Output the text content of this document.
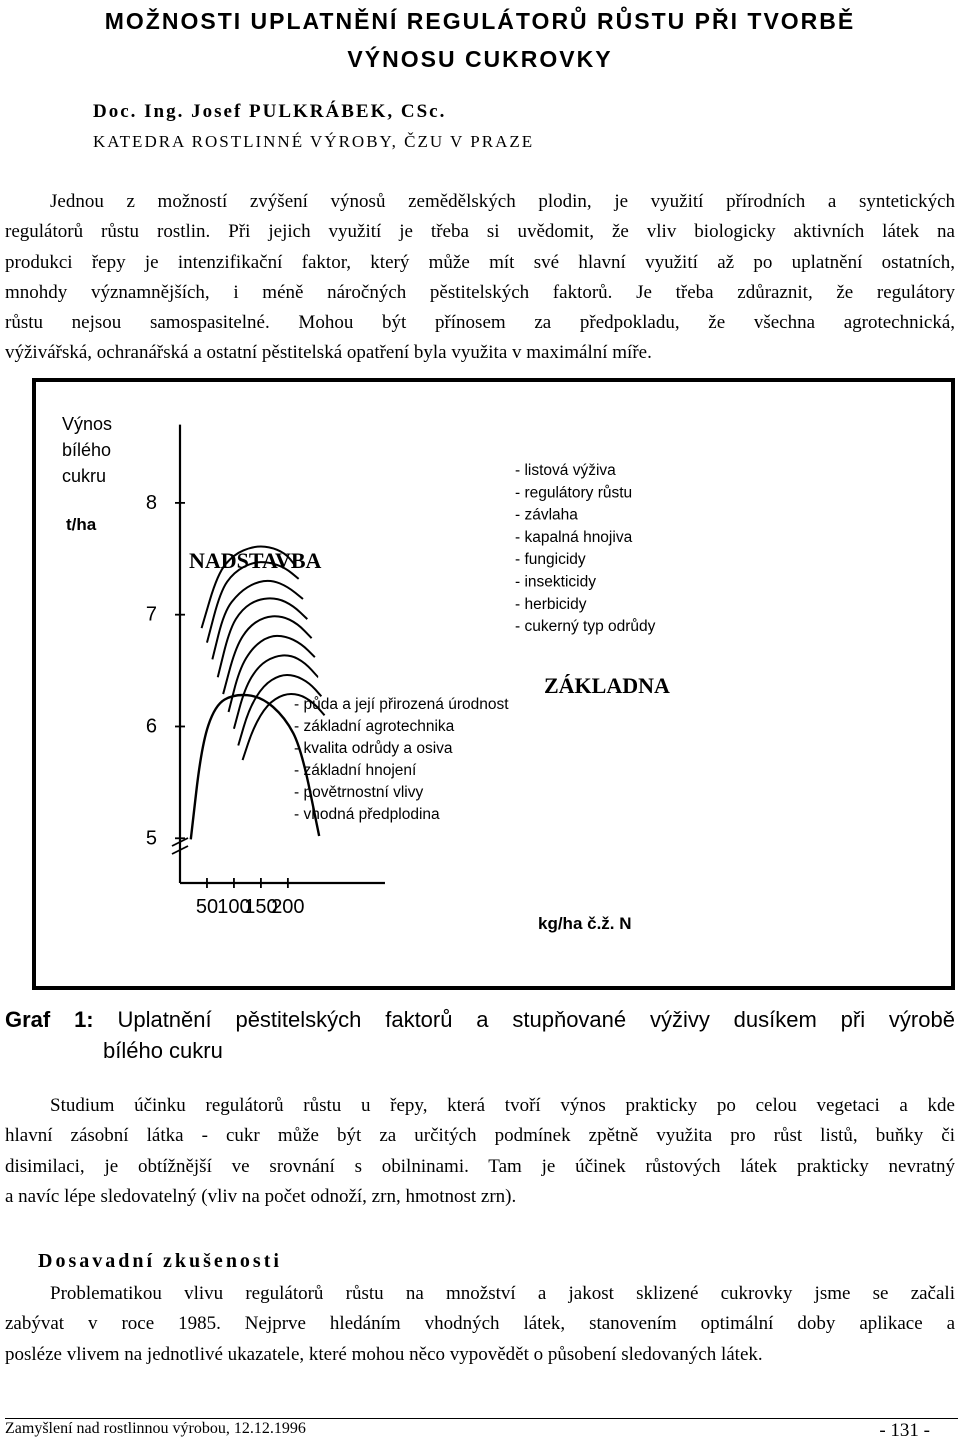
MOŽNOSTI UPLATNĚNÍ REGULÁTORŮ RŮSTU PŘI TVORBĚ
VÝNOSU CUKROVKY
Doc. Ing. Josef PULKRÁBEK, CSc.
KATEDRA ROSTLINNÉ VÝROBY, ČZU V PRAZE
Jednou z možností zvýšení výnosů zemědělských plodin, je využití přírodních a syntetických
regulátorů růstu rostlin. Při jejich využití je třeba si uvědomit, že vliv biologicky aktivních látek na
produkci řepy je intenzifikační faktor, který může mít své hlavní využití až po uplatnění ostatních,
mnohdy významnějších, i méně náročných pěstitelských faktorů. Je třeba zdůraznit, že regulátory
růstu nejsou samospasitelné. Mohou být přínosem za předpokladu, že všechna agrotechnická,
výživářská, ochranářská a ostatní pěstitelská opatření byla využita v maximální míře.
5
6
7
8
50 100
150
200
Výnos
bílého
cukru
t/ha
kg/ha č.ž. N
NADSTAVBA
ZÁKLADNA
- listová výživa
- regulátory růstu
- závlaha
- kapalná hnojiva
- fungicidy
- insekticidy
- herbicidy
- cukerný typ odrůdy
- půda a její přirozená úrodnost
- základní agrotechnika
- kvalita odrůdy a osiva
- základní hnojení
- povětrnostní vlivy
- vhodná předplodina
Graf 1: Uplatnění pěstitelských faktorů a stupňované výživy dusíkem při výrobě
bílého cukru
Studium účinku regulátorů růstu u řepy, která tvoří výnos prakticky po celou vegetaci a kde
hlavní zásobní látka - cukr může být za určitých podmínek zpětně využita pro růst listů, buňky či
disimilaci, je obtížnější ve srovnání s obilninami. Tam je účinek růstových látek prakticky nevratný
a navíc lépe sledovatelný (vliv na počet odnoží, zrn, hmotnost zrn).
Dosavadní zkušenosti
Problematikou vlivu regulátorů růstu na množství a jakost sklizené cukrovky jsme se začali
zabývat v roce 1985. Nejprve hledáním vhodných látek, stanovením optimální doby aplikace a
posléze vlivem na jednotlivé ukazatele, které mohou něco vypovědět o působení sledovaných látek.
Zamyšlení nad rostlinnou výrobou, 12.12.1996	- 131 -
